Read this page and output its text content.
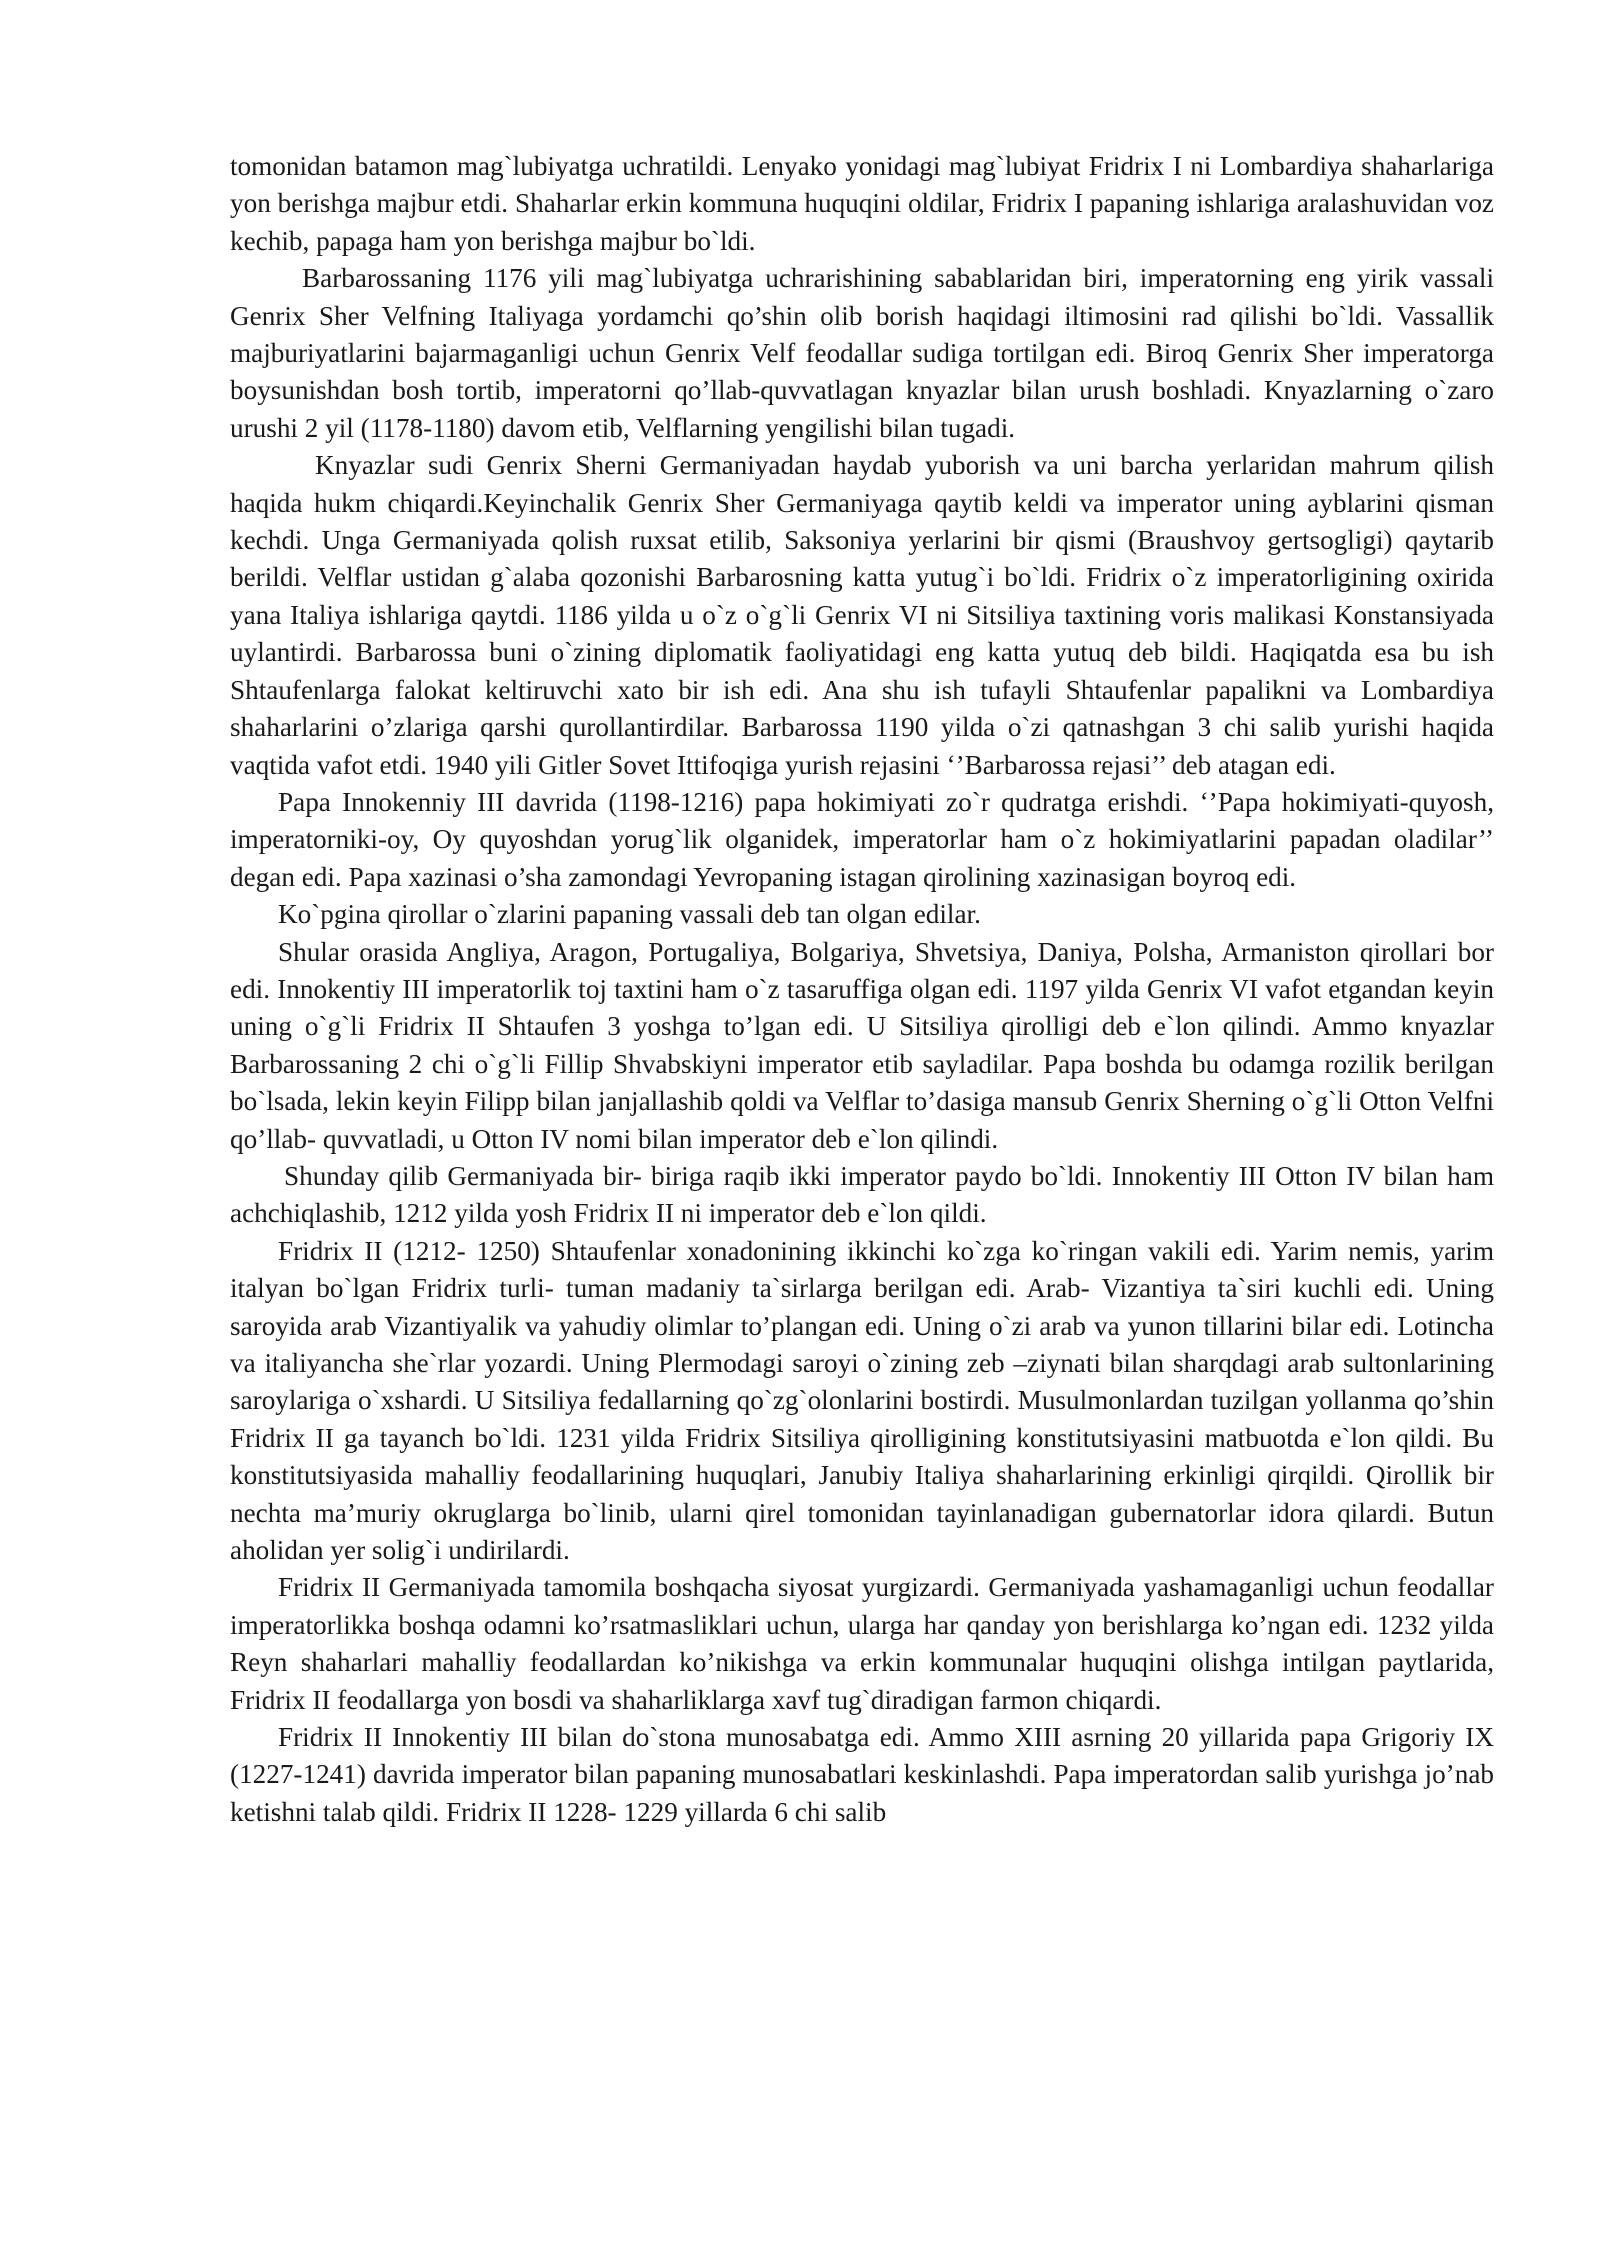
tomonidan batamon mag`lubiyatga uchratildi. Lenyako yonidagi mag`lubiyat Fridrix I ni Lombardiya shaharlariga yon berishga majbur etdi. Shaharlar erkin kommuna huquqini oldilar, Fridrix I papaning ishlariga aralashuvidan voz kechib, papaga ham yon berishga majbur bo`ldi.

Barbarossaning 1176 yili mag`lubiyatga uchrarishining sabablaridan biri, imperatorning eng yirik vassali Genrix Sher Velfning Italiyaga yordamchi qo’shin olib borish haqidagi iltimosini rad qilishi bo`ldi. Vassallik majburiyatlarini bajarmaganligi uchun Genrix Velf feodallar sudiga tortilgan edi. Biroq Genrix Sher imperatorga boysunishdan bosh tortib, imperatorni qo’llab-quvvatlagan knyazlar bilan urush boshladi. Knyazlarning o`zaro urushi 2 yil (1178-1180) davom etib, Velflarning yengilishi bilan tugadi.

Knyazlar sudi Genrix Sherni Germaniyadan haydab yuborish va uni barcha yerlaridan mahrum qilish haqida hukm chiqardi.Keyinchalik Genrix Sher Germaniyaga qaytib keldi va imperator uning ayblarini qisman kechdi. Unga Germaniyada qolish ruxsat etilib, Saksoniya yerlarini bir qismi (Braushvoy gertsogligi) qaytarib berildi. Velflar ustidan g`alaba qozonishi Barbarosning katta yutug`i bo`ldi. Fridrix o`z imperatorligining oxirida yana Italiya ishlariga qaytdi. 1186 yilda u o`z o`g`li Genrix VI ni Sitsiliya taxtining voris malikasi Konstansiyada uylantirdi. Barbarossa buni o`zining diplomatik faoliyatidagi eng katta yutuq deb bildi. Haqiqatda esa bu ish Shtaufenlarga falokat keltiruvchi xato bir ish edi. Ana shu ish tufayli Shtaufenlar papalikni va Lombardiya shaharlarini o’zlariga qarshi qurollantirdilar. Barbarossa 1190 yilda o`zi qatnashgan 3 chi salib yurishi haqida vaqtida vafot etdi. 1940 yili Gitler Sovet Ittifoqiga yurish rejasini ‘’Barbarossa rejasi’’ deb atagan edi.

Papa Innokenniy III davrida (1198-1216) papa hokimiyati zo`r qudratga erishdi. ‘’Papa hokimiyati-quyosh, imperatorniki-oy, Oy quyoshdan yorug`lik olganidek, imperatorlar ham o`z hokimiyatlarini papadan oladilar’’ degan edi. Papa xazinasi o’sha zamondagi Yevropaning istagan qirolining xazinasigan boyroq edi.

Ko`pgina qirollar o`zlarini papaning vassali deb tan olgan edilar.

Shular orasida Angliya, Aragon, Portugaliya, Bolgariya, Shvetsiya, Daniya, Polsha, Armaniston qirollari bor edi. Innokentiy III imperatorlik toj taxtini ham o`z tasaruffiga olgan edi. 1197 yilda Genrix VI vafot etgandan keyin uning o`g`li Fridrix II Shtaufen 3 yoshga to’lgan edi. U Sitsiliya qirolligi deb e`lon qilindi. Ammo knyazlar Barbarossaning 2 chi o`g`li Fillip Shvabskiyni imperator etib sayladilar. Papa boshda bu odamga rozilik berilgan bo`lsada, lekin keyin Filipp bilan janjallashib qoldi va Velflar to’dasiga mansub Genrix Sherning o`g`li Otton Velfni qo’llab- quvvatladi, u Otton IV nomi bilan imperator deb e`lon qilindi.

Shunday qilib Germaniyada bir- biriga raqib ikki imperator paydo bo`ldi. Innokentiy III Otton IV bilan ham achchiqlashib, 1212 yilda yosh Fridrix II ni imperator deb e`lon qildi.

Fridrix II (1212- 1250) Shtaufenlar xonadonining ikkinchi ko`zga ko`ringan vakili edi. Yarim nemis, yarim italyan bo`lgan Fridrix turli- tuman madaniy ta`sirlarga berilgan edi. Arab- Vizantiya ta`siri kuchli edi. Uning saroyida arab Vizantiyalik va yahudiy olimlar to’plangan edi. Uning o`zi arab va yunon tillarini bilar edi. Lotincha va italiyancha she`rlar yozardi. Uning Plermodagi saroyi o`zining zeb –ziynati bilan sharqdagi arab sultonlarining saroylariga o`xshardi. U Sitsiliya fedallarning qo`zg`olonlarini bostirdi. Musulmonlardan tuzilgan yollanma qo’shin Fridrix II ga tayanch bo`ldi. 1231 yilda Fridrix Sitsiliya qirolligining konstitutsiyasini matbuotda e`lon qildi. Bu konstitutsiyasida mahalliy feodallarining huquqlari, Janubiy Italiya shaharlarining erkinligi qirqildi. Qirollik bir nechta ma’muriy okruglarga bo`linib, ularni qirel tomonidan tayinlanadigan gubernatorlar idora qilardi. Butun aholidan yer solig`i undirilardi.

Fridrix II Germaniyada tamomila boshqacha siyosat yurgizardi. Germaniyada yashamaganligi uchun feodallar imperatorlikka boshqa odamni ko’rsatmasliklari uchun, ularga har qanday yon berishlarga ko’ngan edi. 1232 yilda Reyn shaharlari mahalliy feodallardan ko’nikishga va erkin kommunalar huquqini olishga intilgan paytlarida, Fridrix II feodallarga yon bosdi va shaharliklarga xavf tug`diradigan farmon chiqardi.

Fridrix II Innokentiy III bilan do`stona munosabatga edi. Ammo XIII asrning 20 yillarida papa Grigoriy IX (1227-1241) davrida imperator bilan papaning munosabatlari keskinlashdi. Papa imperatordan salib yurishga jo’nab ketishni talab qildi. Fridrix II 1228- 1229 yillarda 6 chi salib
